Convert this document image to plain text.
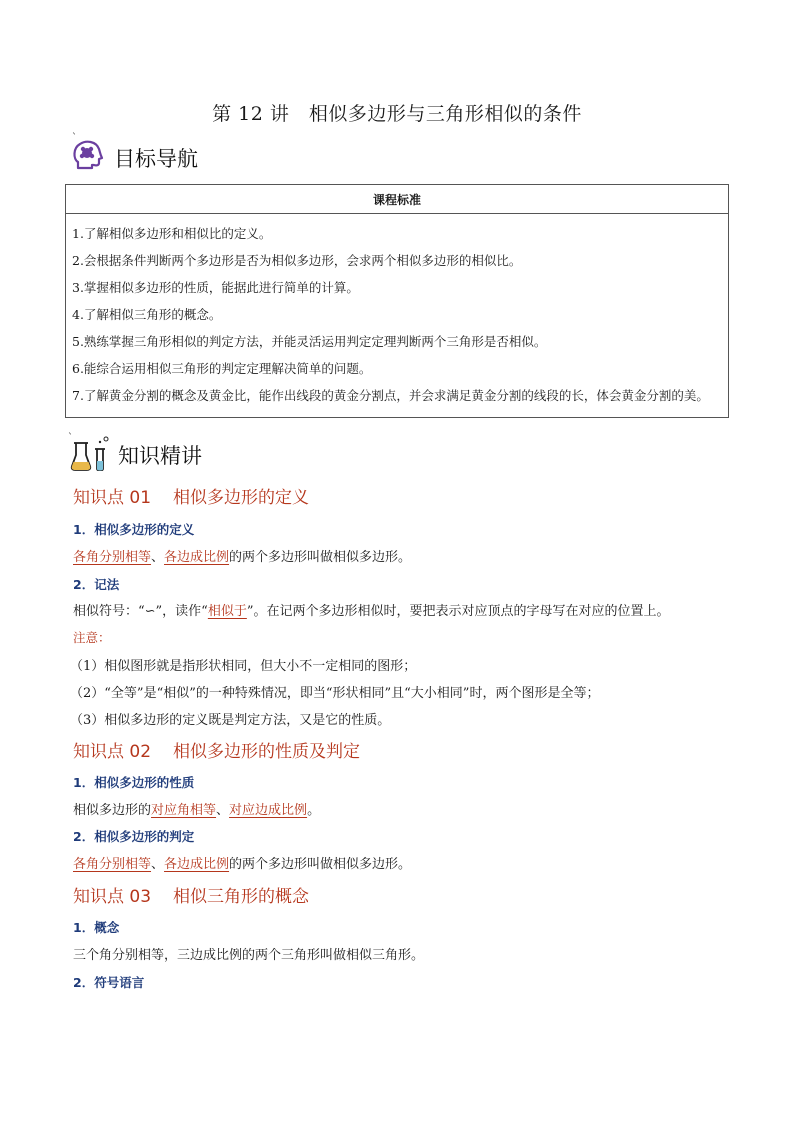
第 12 讲　相似多边形与三角形相似的条件
`
目标导航
课程标准

1.了解相似多边形和相似比的定义。
2.会根据条件判断两个多边形是否为相似多边形，会求两个相似多边形的相似比。
3.掌握相似多边形的性质，能据此进行简单的计算。
4.了解相似三角形的概念。
5.熟练掌握三角形相似的判定方法，并能灵活运用判定定理判断两个三角形是否相似。
6.能综合运用相似三角形的判定定理解决简单的问题。
7.了解黄金分割的概念及黄金比，能作出线段的黄金分割点，并会求满足黄金分割的线段的长，体会黄金分割的美。
`
知识精讲
知识点 01 相似多边形的定义
1．相似多边形的定义
各角分别相等、各边成比例的两个多边形叫做相似多边形。
2．记法
相似符号：“∽”，读作“相似于”。在记两个多边形相似时，要把表示对应顶点的字母写在对应的位置上。
注意：
（1）相似图形就是指形状相同，但大小不一定相同的图形；
（2）“全等”是“相似”的一种特殊情况，即当“形状相同”且“大小相同”时，两个图形是全等；
（3）相似多边形的定义既是判定方法，又是它的性质。
知识点 02 相似多边形的性质及判定
1．相似多边形的性质
相似多边形的对应角相等、对应边成比例。
2．相似多边形的判定
各角分别相等、各边成比例的两个多边形叫做相似多边形。
知识点 03 相似三角形的概念
1．概念
三个角分别相等，三边成比例的两个三角形叫做相似三角形。
2．符号语言
